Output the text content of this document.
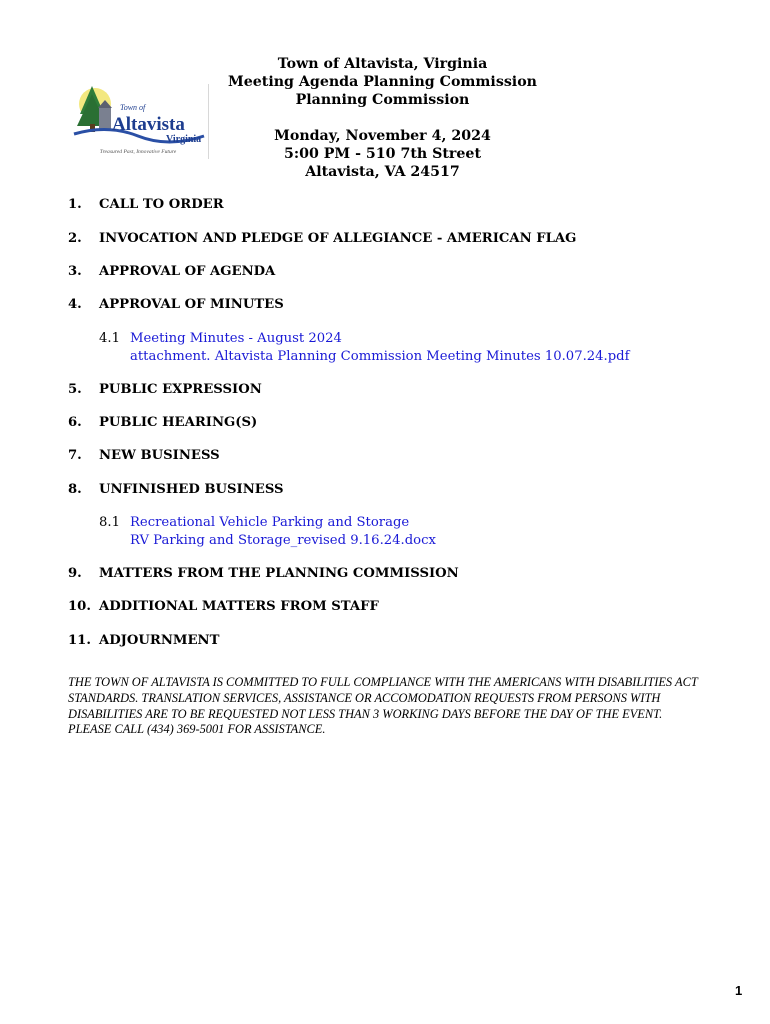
Town of
Altavista
Virginia
Treasured Past, Innovative Future
Town of Altavista, Virginia
Meeting Agenda Planning Commission
Planning Commission
Monday, November 4, 2024
5:00 PM - 510 7th Street
Altavista, VA 24517
1. CALL TO ORDER
2. INVOCATION AND PLEDGE OF ALLEGIANCE - AMERICAN FLAG
3. APPROVAL OF AGENDA
4. APPROVAL OF MINUTES
4.1 Meeting Minutes - August 2024
attachment. Altavista Planning Commission Meeting Minutes 10.07.24.pdf
5. PUBLIC EXPRESSION
6. PUBLIC HEARING(S)
7. NEW BUSINESS
8. UNFINISHED BUSINESS
8.1 Recreational Vehicle Parking and Storage
RV Parking and Storage_revised 9.16.24.docx
9. MATTERS FROM THE PLANNING COMMISSION
10. ADDITIONAL MATTERS FROM STAFF
11. ADJOURNMENT
THE TOWN OF ALTAVISTA IS COMMITTED TO FULL COMPLIANCE WITH THE AMERICANS WITH DISABILITIES ACT STANDARDS. TRANSLATION SERVICES, ASSISTANCE OR ACCOMODATION REQUESTS FROM PERSONS WITH DISABILITIES ARE TO BE REQUESTED NOT LESS THAN 3 WORKING DAYS BEFORE THE DAY OF THE EVENT. PLEASE CALL (434) 369-5001 FOR ASSISTANCE.
1
